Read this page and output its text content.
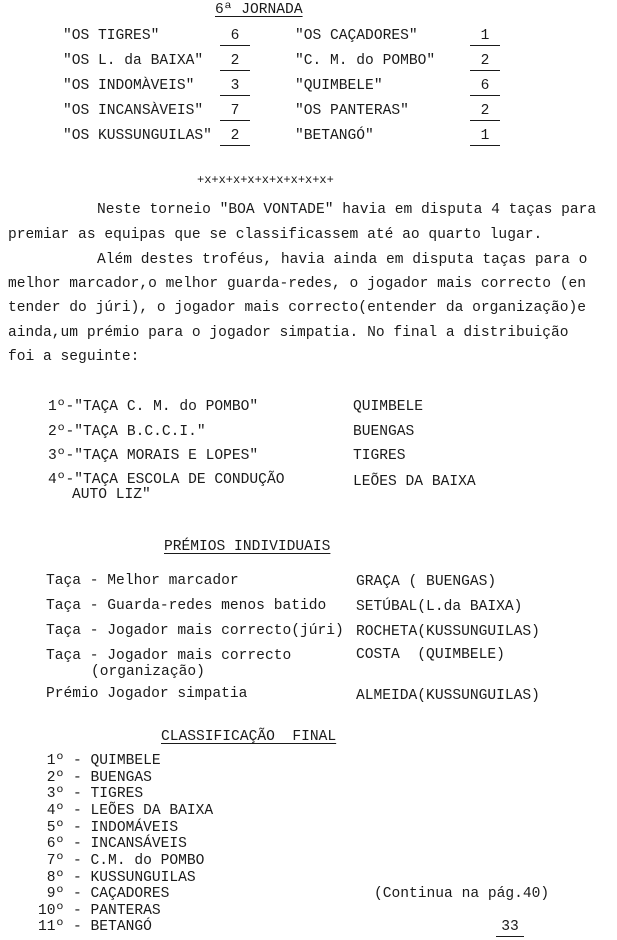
6ª JORNADA
"OS TIGRES"	6	"OS CAÇADORES"	1
"OS L. da BAIXA"	2	"C. M. do POMBO"	2
"OS INDOMÀVEIS"	3	"QUIMBELE"	6
"OS INCANSÀVEIS"	7	"OS PANTERAS"	2
"OS KUSSUNGUILAS"	2	"BETANGÓ"	1
+x+x+x+x+x+x+x+x+x+
Neste torneio "BOA VONTADE" havia em disputa 4 taças para
premiar as equipas que se classificassem até ao quarto lugar.
Além destes troféus, havia ainda em disputa taças para o
melhor marcador,o melhor guarda-redes, o jogador mais correcto (en
tender do júri), o jogador mais correcto(entender da organização)e
ainda,um prémio para o jogador simpatia. No final a distribuição
foi a seguinte:
1º-"TAÇA C. M. do POMBO"	QUIMBELE
2º-"TAÇA B.C.C.I."	BUENGAS
3º-"TAÇA MORAIS E LOPES"	TIGRES
4º-"TAÇA ESCOLA DE CONDUÇÃO
AUTO LIZ"
LEÕES DA BAIXA
PRÉMIOS INDIVIDUAIS
Taça - Melhor marcador	GRAÇA ( BUENGAS)
Taça - Guarda-redes menos batido SETÚBAL(L.da BAIXA)
Taça - Jogador mais correcto(júri) ROCHETA(KUSSUNGUILAS)
Taça - Jogador mais correcto
(organização)
COSTA  (QUIMBELE)
Prémio Jogador simpatia	ALMEIDA(KUSSUNGUILAS)
CLASSIFICAÇÃO  FINAL
1º - QUIMBELE
2º - BUENGAS
3º - TIGRES
4º - LEÕES DA BAIXA
5º - INDOMÁVEIS
6º - INCANSÁVEIS
7º - C.M. do POMBO
8º - KUSSUNGUILAS
9º - CAÇADORES
10º - PANTERAS
11º - BETANGÓ
(Continua na pág.40)
33
